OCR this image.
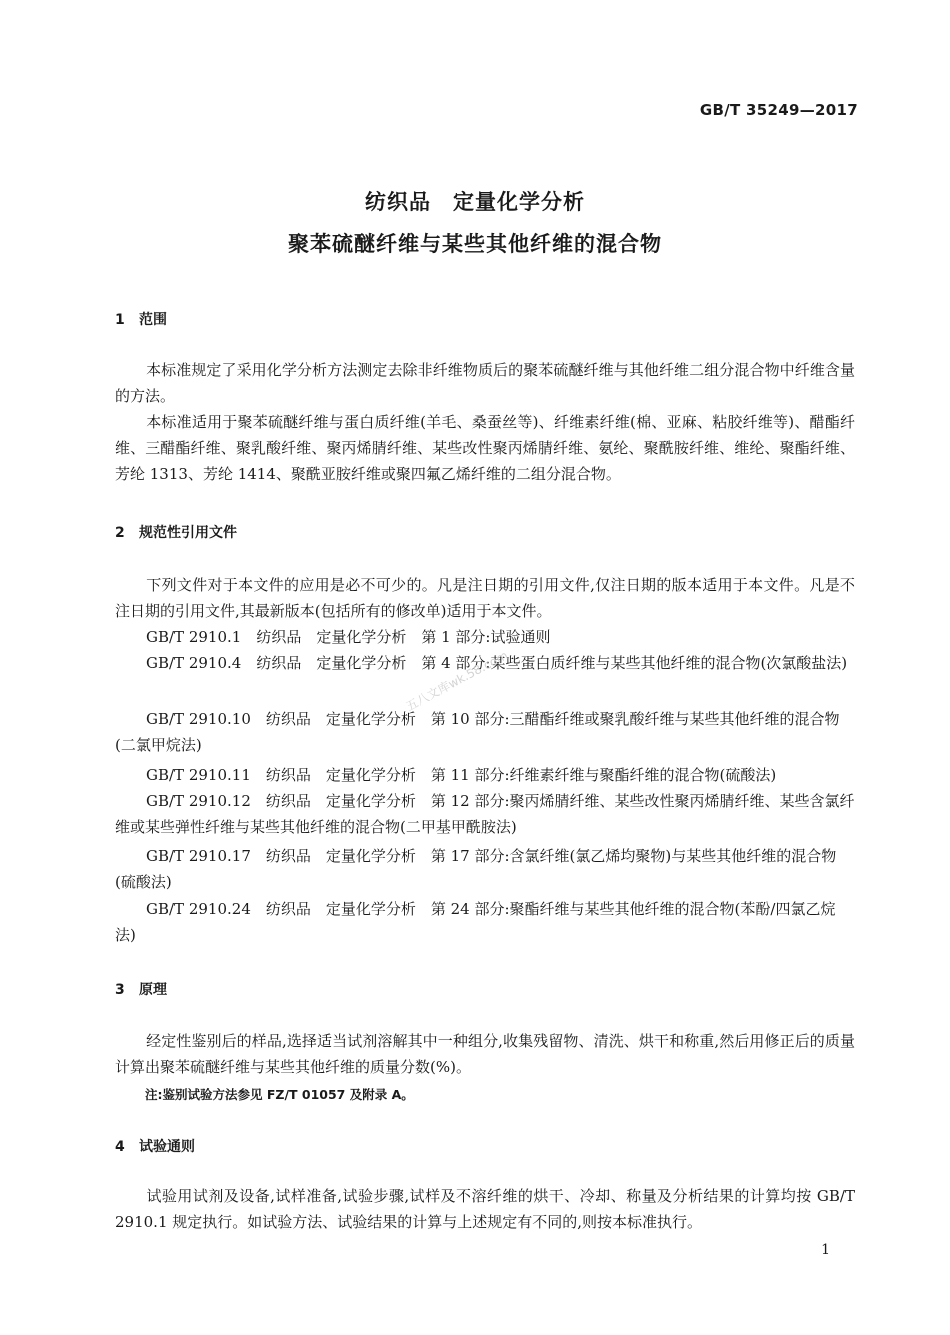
GB/T 35249—2017
纺织品　定量化学分析
聚苯硫醚纤维与某些其他纤维的混合物
1 范围
本标准规定了采用化学分析方法测定去除非纤维物质后的聚苯硫醚纤维与其他纤维二组分混合物中纤维含量的方法。
本标准适用于聚苯硫醚纤维与蛋白质纤维(羊毛、桑蚕丝等)、纤维素纤维(棉、亚麻、粘胶纤维等)、醋酯纤维、三醋酯纤维、聚乳酸纤维、聚丙烯腈纤维、某些改性聚丙烯腈纤维、氨纶、聚酰胺纤维、维纶、聚酯纤维、芳纶 1313、芳纶 1414、聚酰亚胺纤维或聚四氟乙烯纤维的二组分混合物。
2 规范性引用文件
下列文件对于本文件的应用是必不可少的。凡是注日期的引用文件,仅注日期的版本适用于本文件。凡是不注日期的引用文件,其最新版本(包括所有的修改单)适用于本文件。
GB/T 2910.1　纺织品　定量化学分析　第 1 部分:试验通则
GB/T 2910.4　纺织品　定量化学分析　第 4 部分:某些蛋白质纤维与某些其他纤维的混合物(次氯酸盐法)
GB/T 2910.10　纺织品　定量化学分析　第 10 部分:三醋酯纤维或聚乳酸纤维与某些其他纤维的混合物(二氯甲烷法)
GB/T 2910.11　纺织品　定量化学分析　第 11 部分:纤维素纤维与聚酯纤维的混合物(硫酸法)
GB/T 2910.12　纺织品　定量化学分析　第 12 部分:聚丙烯腈纤维、某些改性聚丙烯腈纤维、某些含氯纤维或某些弹性纤维与某些其他纤维的混合物(二甲基甲酰胺法)
GB/T 2910.17　纺织品　定量化学分析　第 17 部分:含氯纤维(氯乙烯均聚物)与某些其他纤维的混合物(硫酸法)
GB/T 2910.24　纺织品　定量化学分析　第 24 部分:聚酯纤维与某些其他纤维的混合物(苯酚/四氯乙烷法)
3 原理
经定性鉴别后的样品,选择适当试剂溶解其中一种组分,收集残留物、清洗、烘干和称重,然后用修正后的质量计算出聚苯硫醚纤维与某些其他纤维的质量分数(%)。
注:鉴别试验方法参见 FZ/T 01057 及附录 A。
4 试验通则
试验用试剂及设备,试样准备,试验步骤,试样及不溶纤维的烘干、冷却、称量及分析结果的计算均按 GB/T 2910.1 规定执行。如试验方法、试验结果的计算与上述规定有不同的,则按本标准执行。
五八文库wk.58.com
1
